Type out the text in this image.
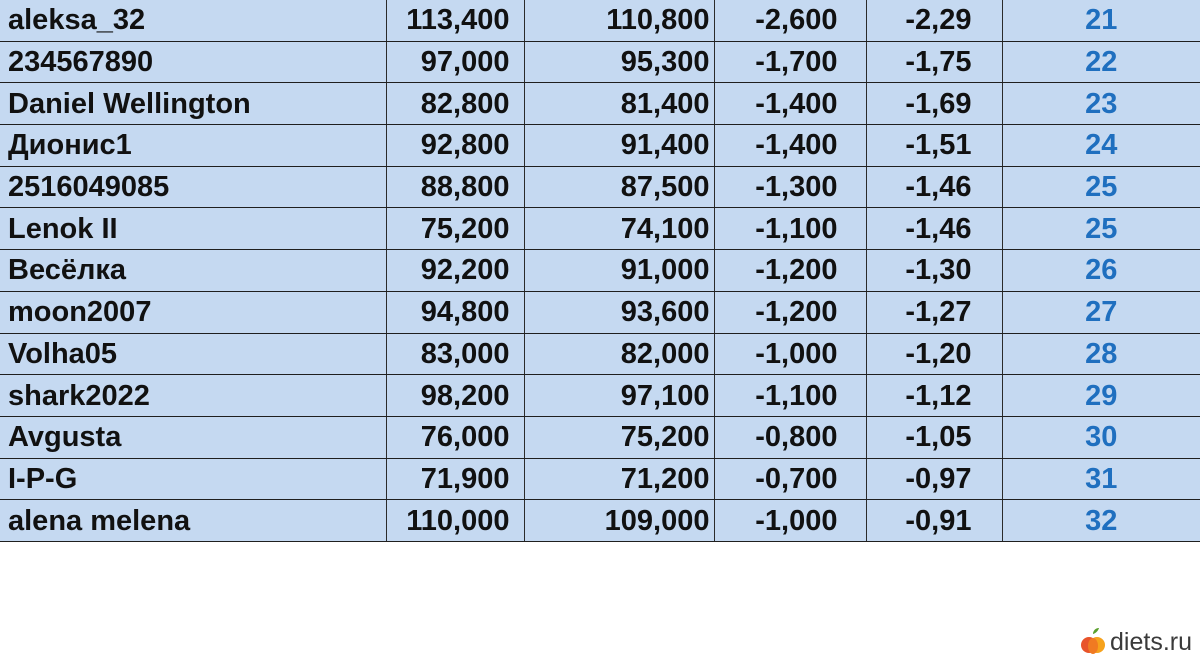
aleksa_32	113,400	110,800	-2,600	-2,29	21
234567890	97,000	95,300	-1,700	-1,75	22
Daniel Wellington	82,800	81,400	-1,400	-1,69	23
Дионис1	92,800	91,400	-1,400	-1,51	24
2516049085	88,800	87,500	-1,300	-1,46	25
Lenok II	75,200	74,100	-1,100	-1,46	25
Весёлка	92,200	91,000	-1,200	-1,30	26
moon2007	94,800	93,600	-1,200	-1,27	27
Volha05	83,000	82,000	-1,000	-1,20	28
shark2022	98,200	97,100	-1,100	-1,12	29
Avgusta	76,000	75,200	-0,800	-1,05	30
I-P-G	71,900	71,200	-0,700	-0,97	31
alena melena	110,000	109,000	-1,000	-0,91	32
diets.ru
